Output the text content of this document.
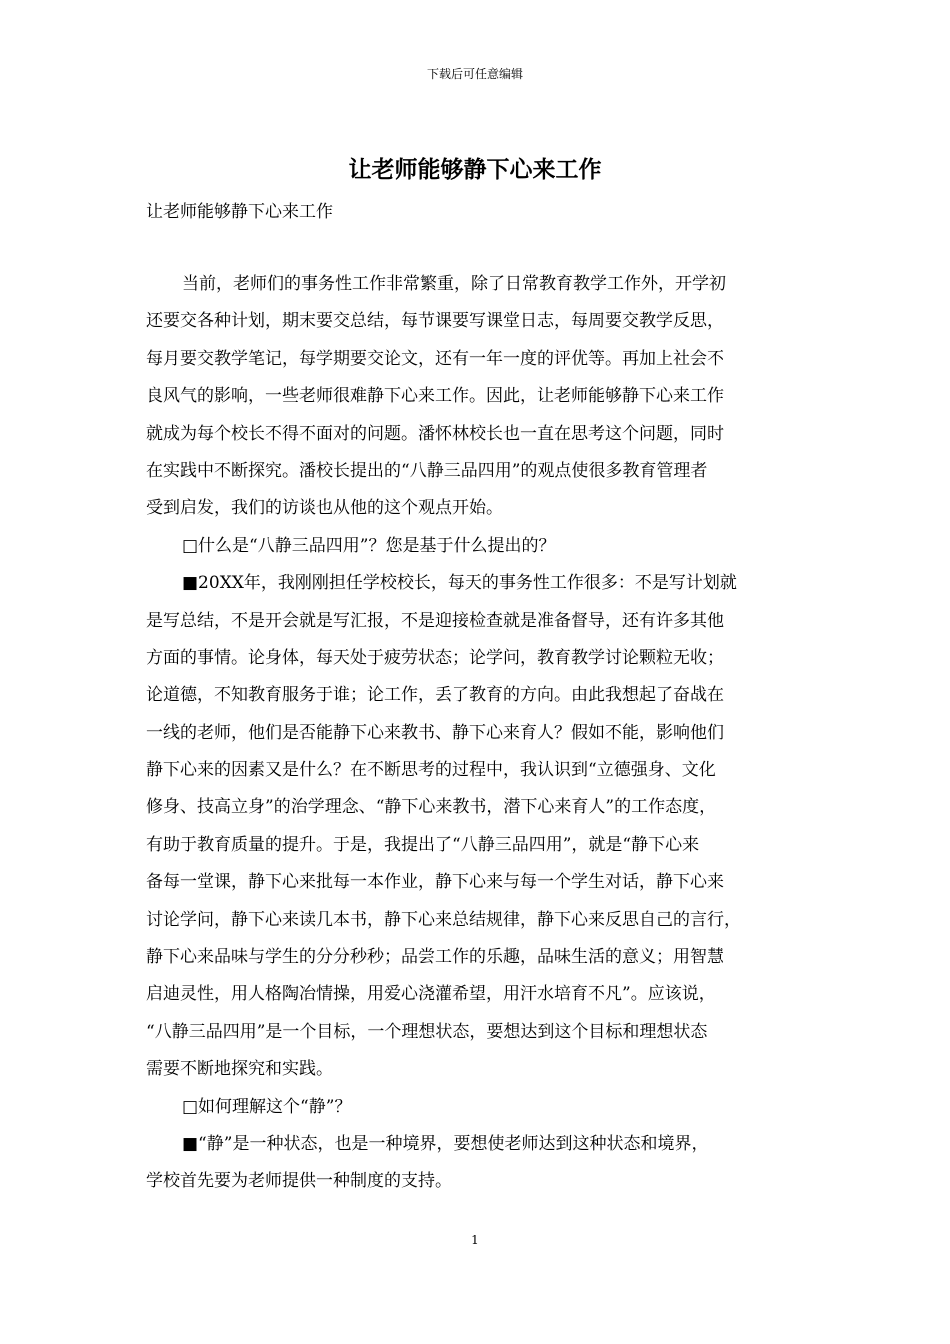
下载后可任意编辑
让老师能够静下心来工作
让老师能够静下心来工作
当前，老师们的事务性工作非常繁重，除了日常教育教学工作外，开学初
还要交各种计划，期末要交总结，每节课要写课堂日志，每周要交教学反思，
每月要交教学笔记，每学期要交论文，还有一年一度的评优等。再加上社会不
良风气的影响，一些老师很难静下心来工作。因此，让老师能够静下心来工作
就成为每个校长不得不面对的问题。潘怀林校长也一直在思考这个问题，同时
在实践中不断探究。潘校长提出的“八静三品四用”的观点使很多教育管理者
受到启发，我们的访谈也从他的这个观点开始。
□什么是“八静三品四用”？您是基于什么提出的？
■20XX年，我刚刚担任学校校长，每天的事务性工作很多：不是写计划就
是写总结，不是开会就是写汇报，不是迎接检查就是准备督导，还有许多其他
方面的事情。论身体，每天处于疲劳状态；论学问，教育教学讨论颗粒无收；
论道德，不知教育服务于谁；论工作，丢了教育的方向。由此我想起了奋战在
一线的老师，他们是否能静下心来教书、静下心来育人？假如不能，影响他们
静下心来的因素又是什么？在不断思考的过程中，我认识到“立德强身、文化
修身、技高立身”的治学理念、“静下心来教书，潜下心来育人”的工作态度，
有助于教育质量的提升。于是，我提出了“八静三品四用”，就是“静下心来
备每一堂课，静下心来批每一本作业，静下心来与每一个学生对话，静下心来
讨论学问，静下心来读几本书，静下心来总结规律，静下心来反思自己的言行，
静下心来品味与学生的分分秒秒；品尝工作的乐趣，品味生活的意义；用智慧
启迪灵性，用人格陶冶情操，用爱心浇灌希望，用汗水培育不凡”。应该说，
“八静三品四用”是一个目标，一个理想状态，要想达到这个目标和理想状态
需要不断地探究和实践。
□如何理解这个“静”？
■“静”是一种状态，也是一种境界，要想使老师达到这种状态和境界，
学校首先要为老师提供一种制度的支持。
1
